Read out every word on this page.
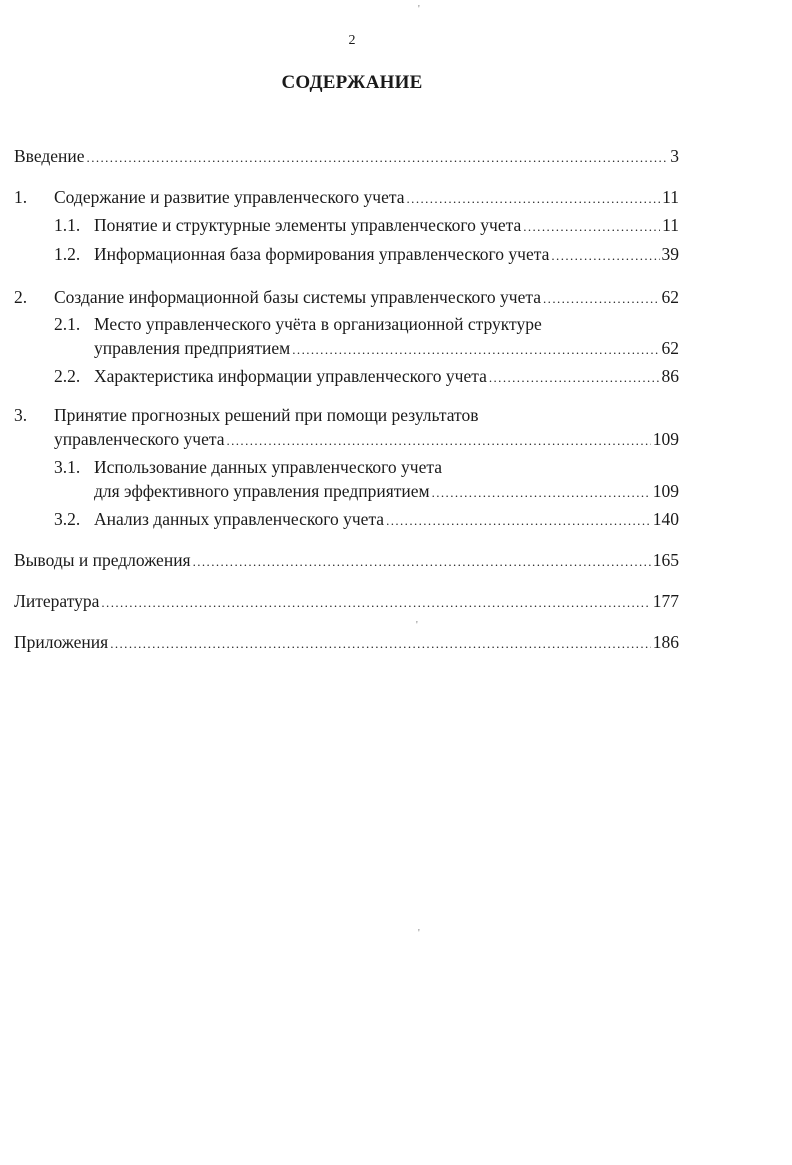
2
СОДЕРЖАНИЕ
Введение .....	3
1.	Содержание и развитие управленческого учета .....	11
1.1. Понятие и структурные элементы управленческого учета .....	11
1.2. Информационная база формирования управленческого учета .....	39
2.	Создание информационной базы системы управленческого учета .....	62
2.1. Место управленческого учёта в организационной структуре
управления предприятием .....	62
2.2. Характеристика информации управленческого учета .....	86
3. Принятие прогнозных решений при помощи результатов
управленческого учета .....	109
3.1. Использование данных управленческого учета
для эффективного управления предприятием .....	109
3.2. Анализ данных управленческого учета .....	140
Выводы и предложения .....	165
Литература .....	177
Приложения .....	186
'
'
'
